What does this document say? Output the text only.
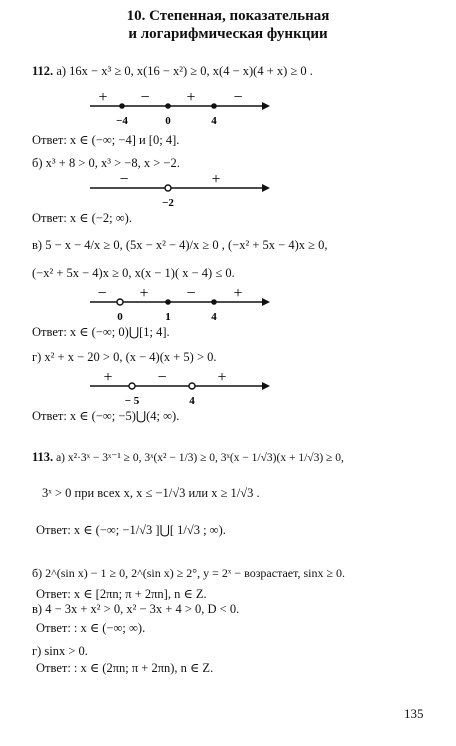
10. Степенная, показательная
и логарифмическая функции
112. а) 16x − x³ ≥ 0, x(16 − x²) ≥ 0, x(4 − x)(4 + x) ≥ 0 .
+ − + −
−4	0	4
Ответ: x ∈ (−∞; −4] и [0; 4].
б) x³ + 8 > 0, x³ > −8, x > −2.
−	+
−2
Ответ: x ∈ (−2; ∞).
в) 5 − x − 4/x ≥ 0, (5x − x² − 4)/x ≥ 0 , (−x² + 5x − 4)x ≥ 0,
(−x² + 5x − 4)x ≥ 0, x(x − 1)( x − 4) ≤ 0.
− + − +
0	1	4
Ответ: x ∈ (−∞; 0)⋃[1; 4].
г) x² + x − 20 > 0, (x − 4)(x + 5) > 0.
+	−	+
− 5	4
Ответ: x ∈ (−∞; −5)⋃(4; ∞).
113. а) x²·3ˣ − 3ˣ⁻¹ ≥ 0, 3ˣ(x² − 1/3) ≥ 0, 3ˣ(x − 1/√3)(x + 1/√3) ≥ 0,
3ˣ > 0 при всех x, x ≤ −1/√3 или x ≥ 1/√3 .
Ответ: x ∈ (−∞; −1/√3 ]⋃[ 1/√3 ; ∞).
б) 2^(sin x) − 1 ≥ 0, 2^(sin x) ≥ 2°, y = 2ˣ − возрастает, sinx ≥ 0.
Ответ: x ∈ [2πn; π + 2πn], n ∈ Z.
в) 4 − 3x + x² > 0, x² − 3x + 4 > 0, D < 0.
Ответ: : x ∈ (−∞; ∞).
г) sinx > 0.
Ответ: : x ∈ (2πn; π + 2πn), n ∈ Z.
135
